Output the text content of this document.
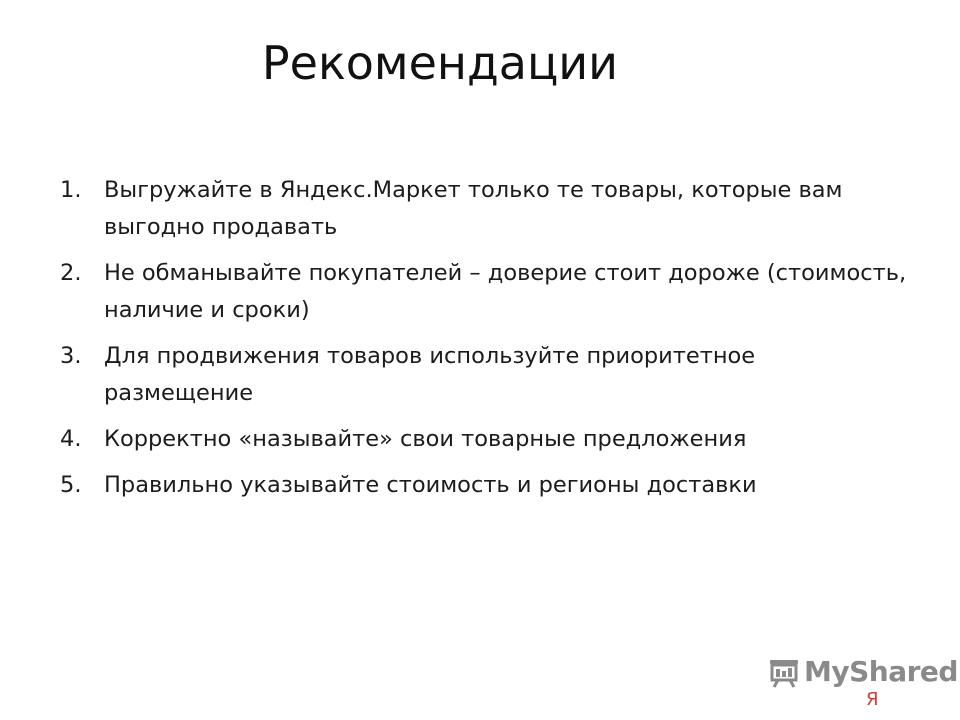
Рекомендации
1. Выгружайте в Яндекс.Маркет только те товары, которые вам выгодно продавать
2. Не обманывайте покупателей – доверие стоит дороже (стоимость, наличие и сроки)
3. Для продвижения товаров используйте приоритетное размещение
4. Корректно «называйте» свои товарные предложения
5. Правильно указывайте стоимость и регионы доставки
MyShared
Я
